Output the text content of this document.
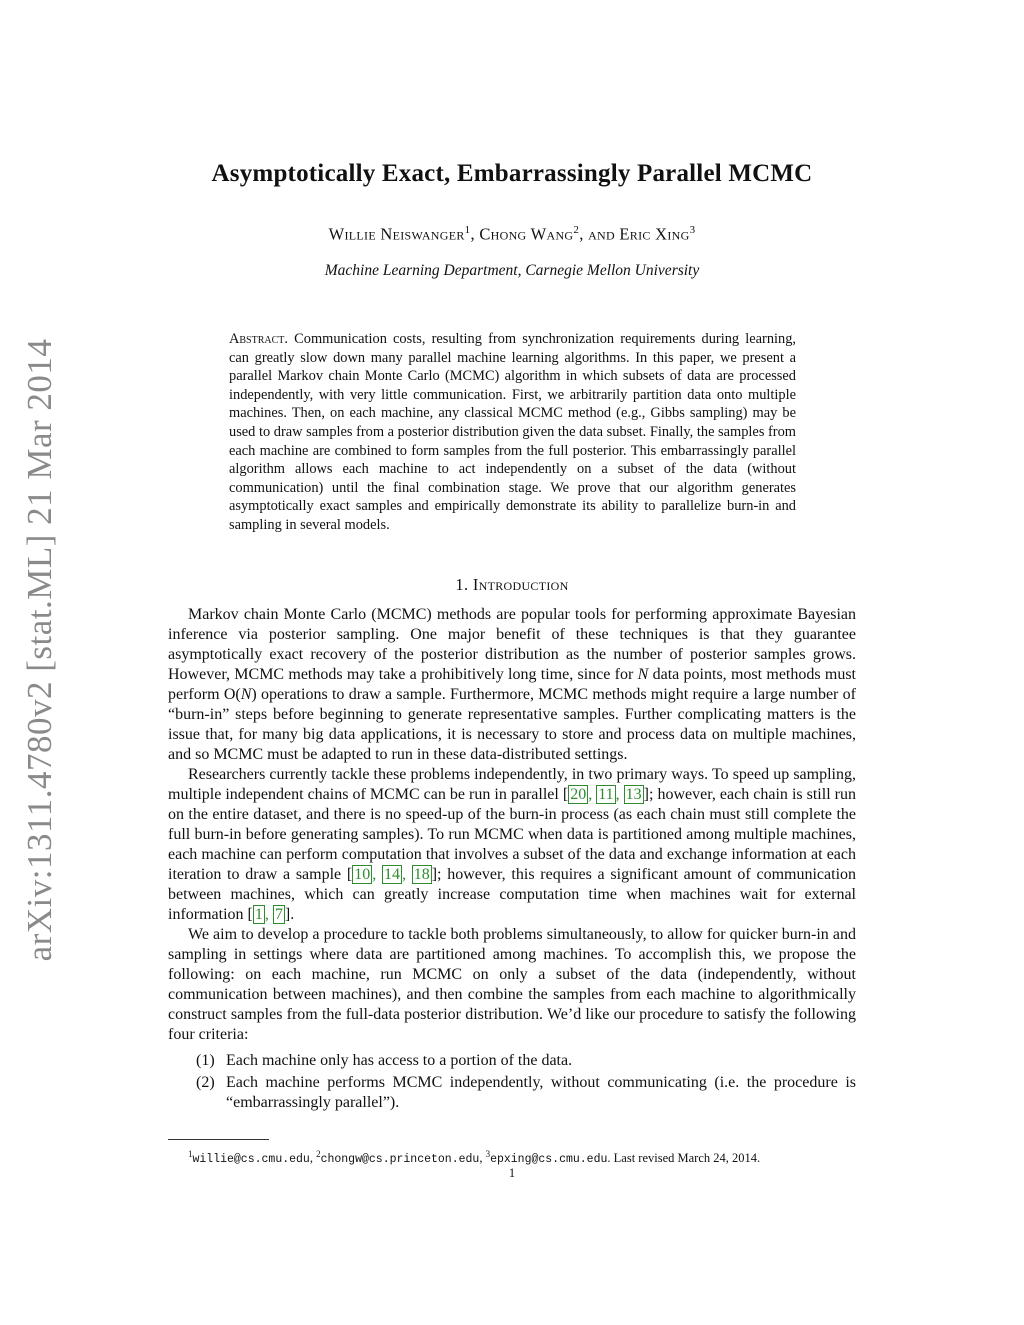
arXiv:1311.4780v2 [stat.ML] 21 Mar 2014
Asymptotically Exact, Embarrassingly Parallel MCMC
Willie Neiswanger$^1$, Chong Wang$^2$, and Eric Xing$^3$
Machine Learning Department, Carnegie Mellon University
Abstract. Communication costs, resulting from synchronization requirements during learning, can greatly slow down many parallel machine learning algorithms. In this paper, we present a parallel Markov chain Monte Carlo (MCMC) algorithm in which subsets of data are processed independently, with very little communication. First, we arbitrarily partition data onto multiple machines. Then, on each machine, any classical MCMC method (e.g., Gibbs sampling) may be used to draw samples from a posterior distribution given the data subset. Finally, the samples from each machine are combined to form samples from the full posterior. This embarrassingly parallel algorithm allows each machine to act independently on a subset of the data (without communication) until the final combination stage. We prove that our algorithm generates asymptotically exact samples and empirically demonstrate its ability to parallelize burn-in and sampling in several models.
1. Introduction

Markov chain Monte Carlo (MCMC) methods are popular tools for performing approximate Bayesian inference via posterior sampling. One major benefit of these techniques is that they guarantee asymptotically exact recovery of the posterior distribution as the number of posterior samples grows. However, MCMC methods may take a prohibitively long time, since for N data points, most methods must perform O(N) operations to draw a sample. Furthermore, MCMC methods might require a large number of “burn-in” steps before beginning to generate representative samples. Further complicating matters is the issue that, for many big data applications, it is necessary to store and process data on multiple machines, and so MCMC must be adapted to run in these data-distributed settings.

Researchers currently tackle these problems independently, in two primary ways. To speed up sampling, multiple independent chains of MCMC can be run in parallel [ 20 , 11 , 13 ]; however, each chain is still run on the entire dataset, and there is no speed-up of the burn-in process (as each chain must still complete the full burn-in before generating samples). To run MCMC when data is partitioned among multiple machines, each machine can perform computation that involves a subset of the data and exchange information at each iteration to draw a sample [ 10 , 14 , 18 ]; however, this requires a significant amount of communication between machines, which can greatly increase computation time when machines wait for external information [ 1 , 7 ].

We aim to develop a procedure to tackle both problems simultaneously, to allow for quicker burn-in and sampling in settings where data are partitioned among machines. To accomplish this, we propose the following: on each machine, run MCMC on only a subset of the data (independently, without communication between machines), and then combine the samples from each machine to algorithmically construct samples from the full-data posterior distribution. We’d like our procedure to satisfy the following four criteria:

(1) Each machine only has access to a portion of the data.
(2) Each machine performs MCMC independently, without communicating (i.e. the procedure is “embarrassingly parallel”).
$^1$willie@cs.cmu.edu, $^2$chongw@cs.princeton.edu, $^3$epxing@cs.cmu.edu. Last revised March 24, 2014.
1
